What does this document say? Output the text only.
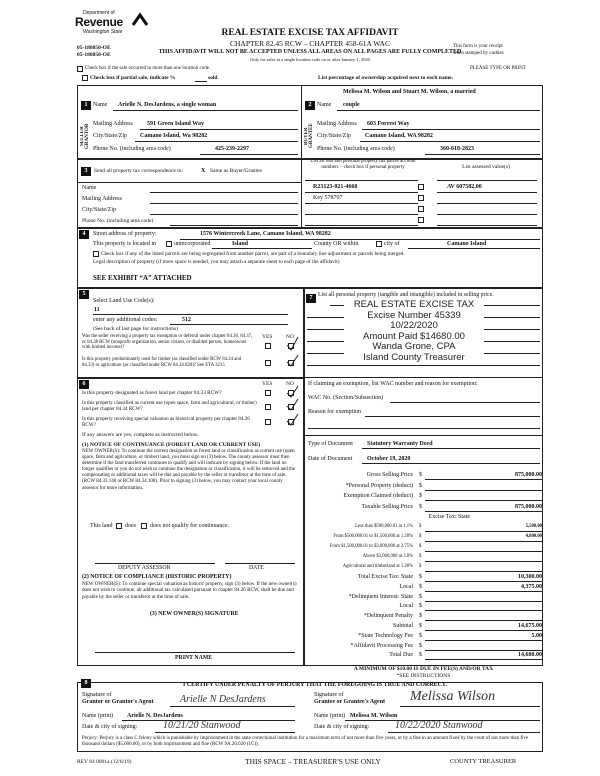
Department of
Revenue
Washington State
05-180850-OE
05-180850-OE
REAL ESTATE EXCISE TAX AFFIDAVIT
CHAPTER 82.45 RCW – CHAPTER 458-61A WAC
THIS AFFIDAVIT WILL NOT BE ACCEPTED UNLESS ALL AREAS ON ALL PAGES ARE FULLY COMPLETED
Only for sales in a single location code on or after January 1, 2020
This form is your receipt
when stamped by cashier.
PLEASE TYPE OR PRINT
Check box if the sale occurred in more than one location code.
Check box if partial sale, indicate %	sold	List percentage of ownership acquired next to each name.
1	2
SELLER GRANTOR	BUYER GRANTEE
Name Arielle N. DesJardens, a single woman
Mailing Address 591 Green Island Way
City/State/Zip Camano Island, Wa 98282
Phone No. (including area code)	425-239-2297
Melissa M. Wilson and Stuart M. Wilson, a married
Name couple
Mailing Address 603 Forrest Way
City/State/Zip Camano Island, WA 98282
Phone No. (including area code)	360-618-2823
3	Send all property tax correspondence to:	X Same as Buyer/Grantee
Name
Mailing Address
City/State/Zip
Phone No. (including area code)
List all real and personal property tax parcel account numbers – check box if personal property	List assessed value(s)
R23123-021-4660	AV 607582.00
Key 578707
4	Street address of property:	1576 Wintercreek Lane, Camano Island, WA 98282
This property is located in	unincorporated	Island	County OR within	city of	Camano Island
Check box if any of the listed parcels are being segregated from another parcel, are part of a boundary line adjustment or parcels being merged.
Legal description of property (if more space is needed, you may attach a separate sheet to each page of the affidavit)
SEE EXHIBIT “A” ATTACHED
5
Select Land Use Code(s):
11
enter any additional codes:	512
(See back of last page for instructions)
YES NO
Was the seller receiving a property tax exemption or deferral under chapter 84.36, 84.37, or 84.38 RCW (nonprofit organization, senior citizen, or disabled person, homeowner with limited income)?
Is this property predominantly used for timber (as classified under RCW 84.34 and 84.33) or agriculture (as classified under RCW 84.34.020)? See ETA 3215
6	YES NO
Is this property designated as forest land per chapter 84.33 RCW?
Is this property classified as current use (open space, farm and agricultural, or timber) land per chapter 84.34 RCW?
Is this property receiving special valuation as historical property per chapter 84.26 RCW?
If any answers are yes, complete as instructed below.
(1) NOTICE OF CONTINUANCE (FOREST LAND OR CURRENT USE)
NEW OWNER(S): To continue the current designation as forest land or classification as current use (open space, farm and agriculture, or timber) land, you must sign on (3) below. The county assessor must then determine if the land transferred continues to qualify and will indicate by signing below. If the land no longer qualifies or you do not wish to continue the designation or classification, it will be removed and the compensating or additional taxes will be due and payable by the seller or transferor at the time of sale. (RCW 84.33.140 or RCW 84.34.108). Prior to signing (3) below, you may contact your local county assessor for more information.
This land does does not qualify for continuance.
DEPUTY ASSESSOR	DATE
(2) NOTICE OF COMPLIANCE (HISTORIC PROPERTY)
NEW OWNER(S): To continue special valuation as historic property, sign (3) below. If the new owner(s) does not wish to continue, all additional tax calculated pursuant to chapter 84.26 RCW, shall be due and payable by the seller or transferor at the time of sale.
(3) NEW OWNER(S) SIGNATURE
PRINT NAME
7 List all personal property (tangible and intangible) included in selling price.
REAL ESTATE EXCISE TAX
Excise Number 45339
10/22/2020
Amount Paid $14680.00
Wanda Grone, CPA
Island County Treasurer
If claiming an exemption, list WAC number and reason for exemption:
WAC No. (Section/Subsection)
Reason for exemption
Type of Document Statutory Warranty Deed
Date of Document October 19, 2020
Gross Selling Price $	875,000.00
*Personal Property (deduct) $
Exemption Claimed (deduct) $
Taxable Selling Price $	875,000.00
Excise Tax: State
Less than $500,000.01 at 1.1% $	5,500.00
From $500,000.01 to $1,500,000 at 1.28% $	4,800.00
From $1,500,000.01 to $3,000,000 at 2.75% $
Above $3,000,000 at 3.0% $
Agricultural and timberland at 1.28% $
Total Excise Tax: State $	10,300.00
Local $	4,375.00
*Delinquent Interest: State $
Local $
*Delinquent Penalty $
Subtotal $	14,675.00
*State Technology Fee $	5.00
*Affidavit Processing Fee $
Total Due $	14,680.00
A MINIMUM OF $10.00 IS DUE IN FEE(S) AND/OR TAX
*SEE INSTRUCTIONS
8	I CERTIFY UNDER PENALTY OF PERJURY THAT THE FOREGOING IS TRUE AND CORRECT.
Signature of
Grantor or Grantor's Agent	Arielle N DesJardens	Signature of
Grantee or Grantee's Agent Melissa Wilson
Name (print) Arielle N. DesJardens	Name (print) Melissa M. Wilson
Date & city of signing:	10/21/20 Stanwood	Date & city of signing:	10/22/2020 Stanwood
Perjury: Perjury is a class C felony which is punishable by imprisonment in the state correctional institution for a maximum term of not more than five years, or by a fine in an amount fixed by the court of not more than five thousand dollars ($5,000.00), or by both imprisonment and fine (RCW 9A.20.020 (1C)).
REV 84 0001a (12/6/19)	THIS SPACE – TREASURER'S USE ONLY	COUNTY TREASURER
